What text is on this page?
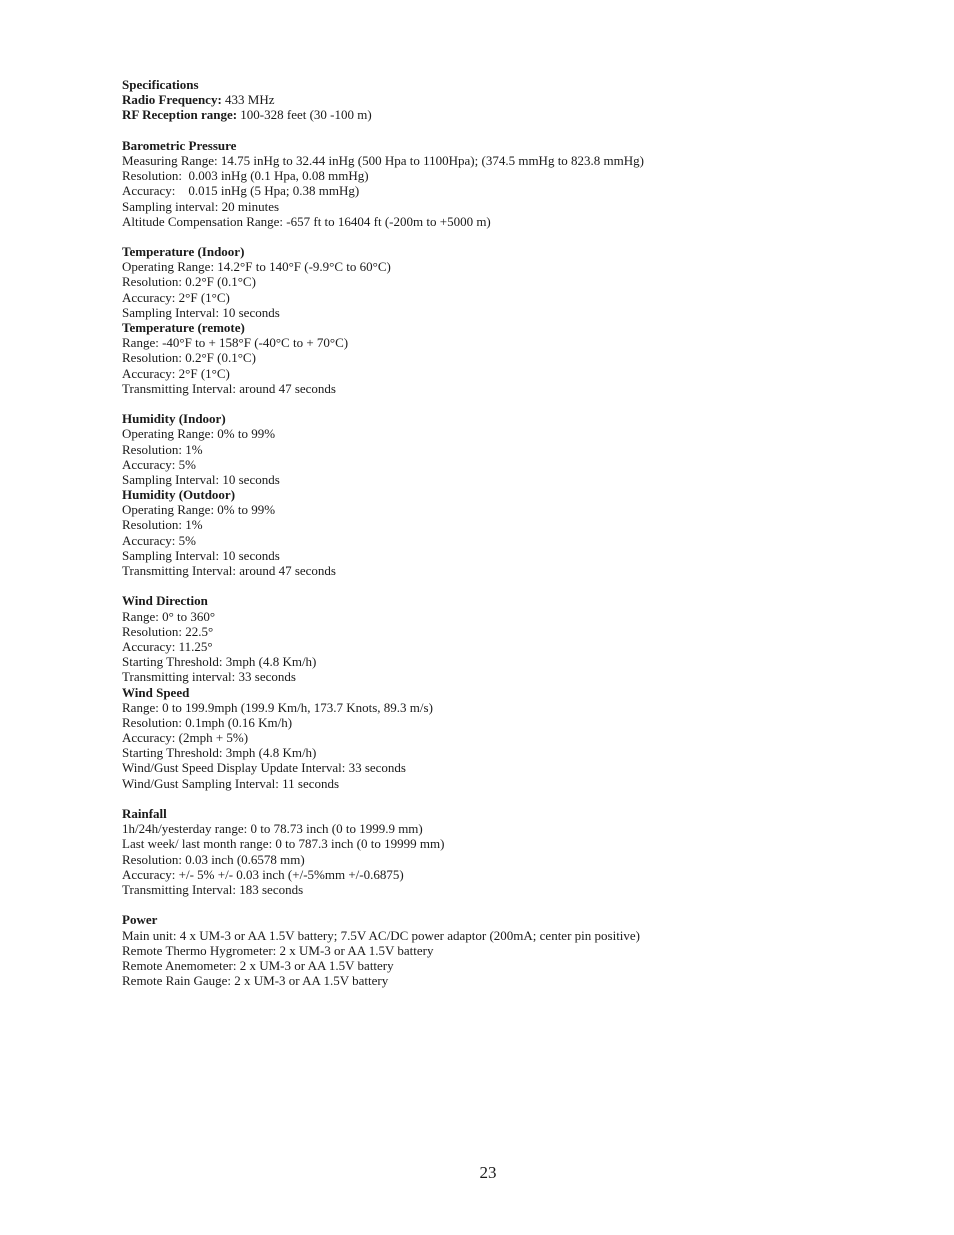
Specifications
Radio Frequency: 433 MHz
RF Reception range: 100-328 feet (30 -100 m)
Barometric Pressure
Measuring Range: 14.75 inHg to 32.44 inHg (500 Hpa to 1100Hpa); (374.5 mmHg to 823.8 mmHg)
Resolution:  0.003 inHg (0.1 Hpa, 0.08 mmHg)
Accuracy:    0.015 inHg (5 Hpa; 0.38 mmHg)
Sampling interval: 20 minutes
Altitude Compensation Range: -657 ft to 16404 ft (-200m to +5000 m)
Temperature (Indoor)
Operating Range: 14.2°F to 140°F (-9.9°C to 60°C)
Resolution: 0.2°F (0.1°C)
Accuracy: 2°F (1°C)
Sampling Interval: 10 seconds
Temperature (remote)
Range: -40°F to + 158°F (-40°C to + 70°C)
Resolution: 0.2°F (0.1°C)
Accuracy: 2°F (1°C)
Transmitting Interval: around 47 seconds
Humidity (Indoor)
Operating Range: 0% to 99%
Resolution: 1%
Accuracy: 5%
Sampling Interval: 10 seconds
Humidity (Outdoor)
Operating Range: 0% to 99%
Resolution: 1%
Accuracy: 5%
Sampling Interval: 10 seconds
Transmitting Interval: around 47 seconds
Wind Direction
Range: 0° to 360°
Resolution: 22.5°
Accuracy: 11.25°
Starting Threshold: 3mph (4.8 Km/h)
Transmitting interval: 33 seconds
Wind Speed
Range: 0 to 199.9mph (199.9 Km/h, 173.7 Knots, 89.3 m/s)
Resolution: 0.1mph (0.16 Km/h)
Accuracy: (2mph + 5%)
Starting Threshold: 3mph (4.8 Km/h)
Wind/Gust Speed Display Update Interval: 33 seconds
Wind/Gust Sampling Interval: 11 seconds
Rainfall
1h/24h/yesterday range: 0 to 78.73 inch (0 to 1999.9 mm)
Last week/ last month range: 0 to 787.3 inch (0 to 19999 mm)
Resolution: 0.03 inch (0.6578 mm)
Accuracy: +/- 5% +/- 0.03 inch (+/-5%mm +/-0.6875)
Transmitting Interval: 183 seconds
Power
Main unit: 4 x UM-3 or AA 1.5V battery; 7.5V AC/DC power adaptor (200mA; center pin positive)
Remote Thermo Hygrometer: 2 x UM-3 or AA 1.5V battery
Remote Anemometer: 2 x UM-3 or AA 1.5V battery
Remote Rain Gauge: 2 x UM-3 or AA 1.5V battery
23
